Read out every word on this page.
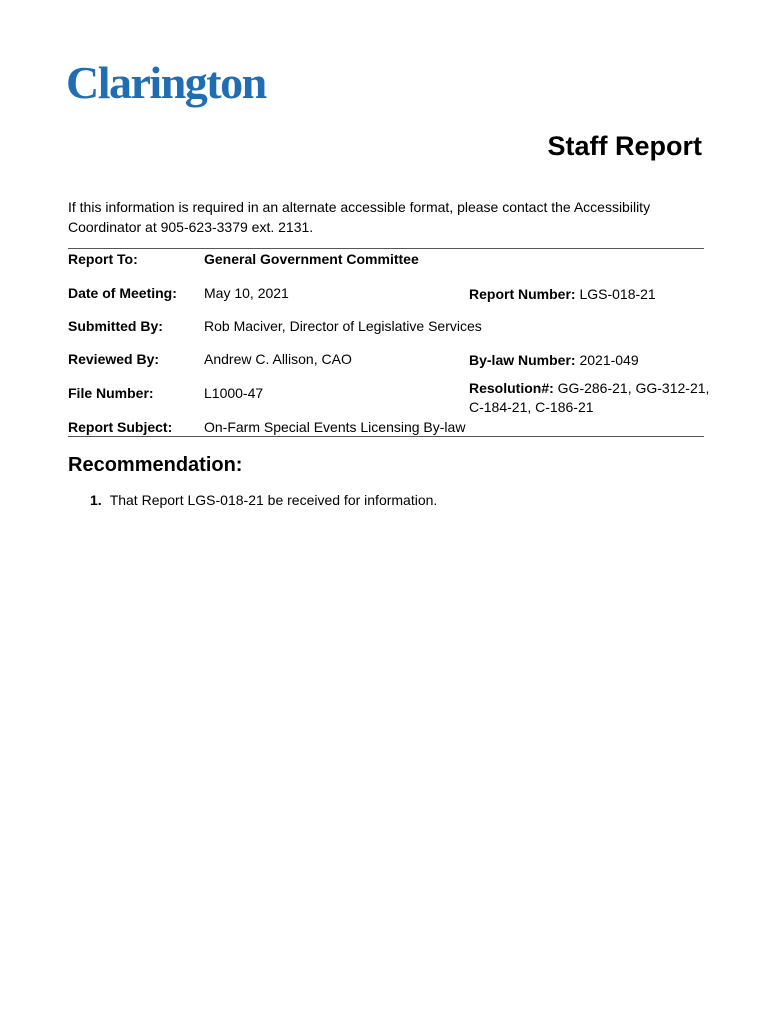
Clarington
Staff Report

If this information is required in an alternate accessible format, please contact the Accessibility Coordinator at 905-623-3379 ext. 2131.

Report To:	General Government Committee
Date of Meeting: May 10, 2021	Report Number: LGS-018-21
Submitted By:	Rob Maciver, Director of Legislative Services
Reviewed By:	Andrew C. Allison, CAO	By-law Number: 2021-049
File Number:	L1000-47	Resolution#: GG-286-21, GG-312-21,
C-184-21, C-186-21
Report Subject: On-Farm Special Events Licensing By-law
Recommendation:
1. That Report LGS-018-21 be received for information.
